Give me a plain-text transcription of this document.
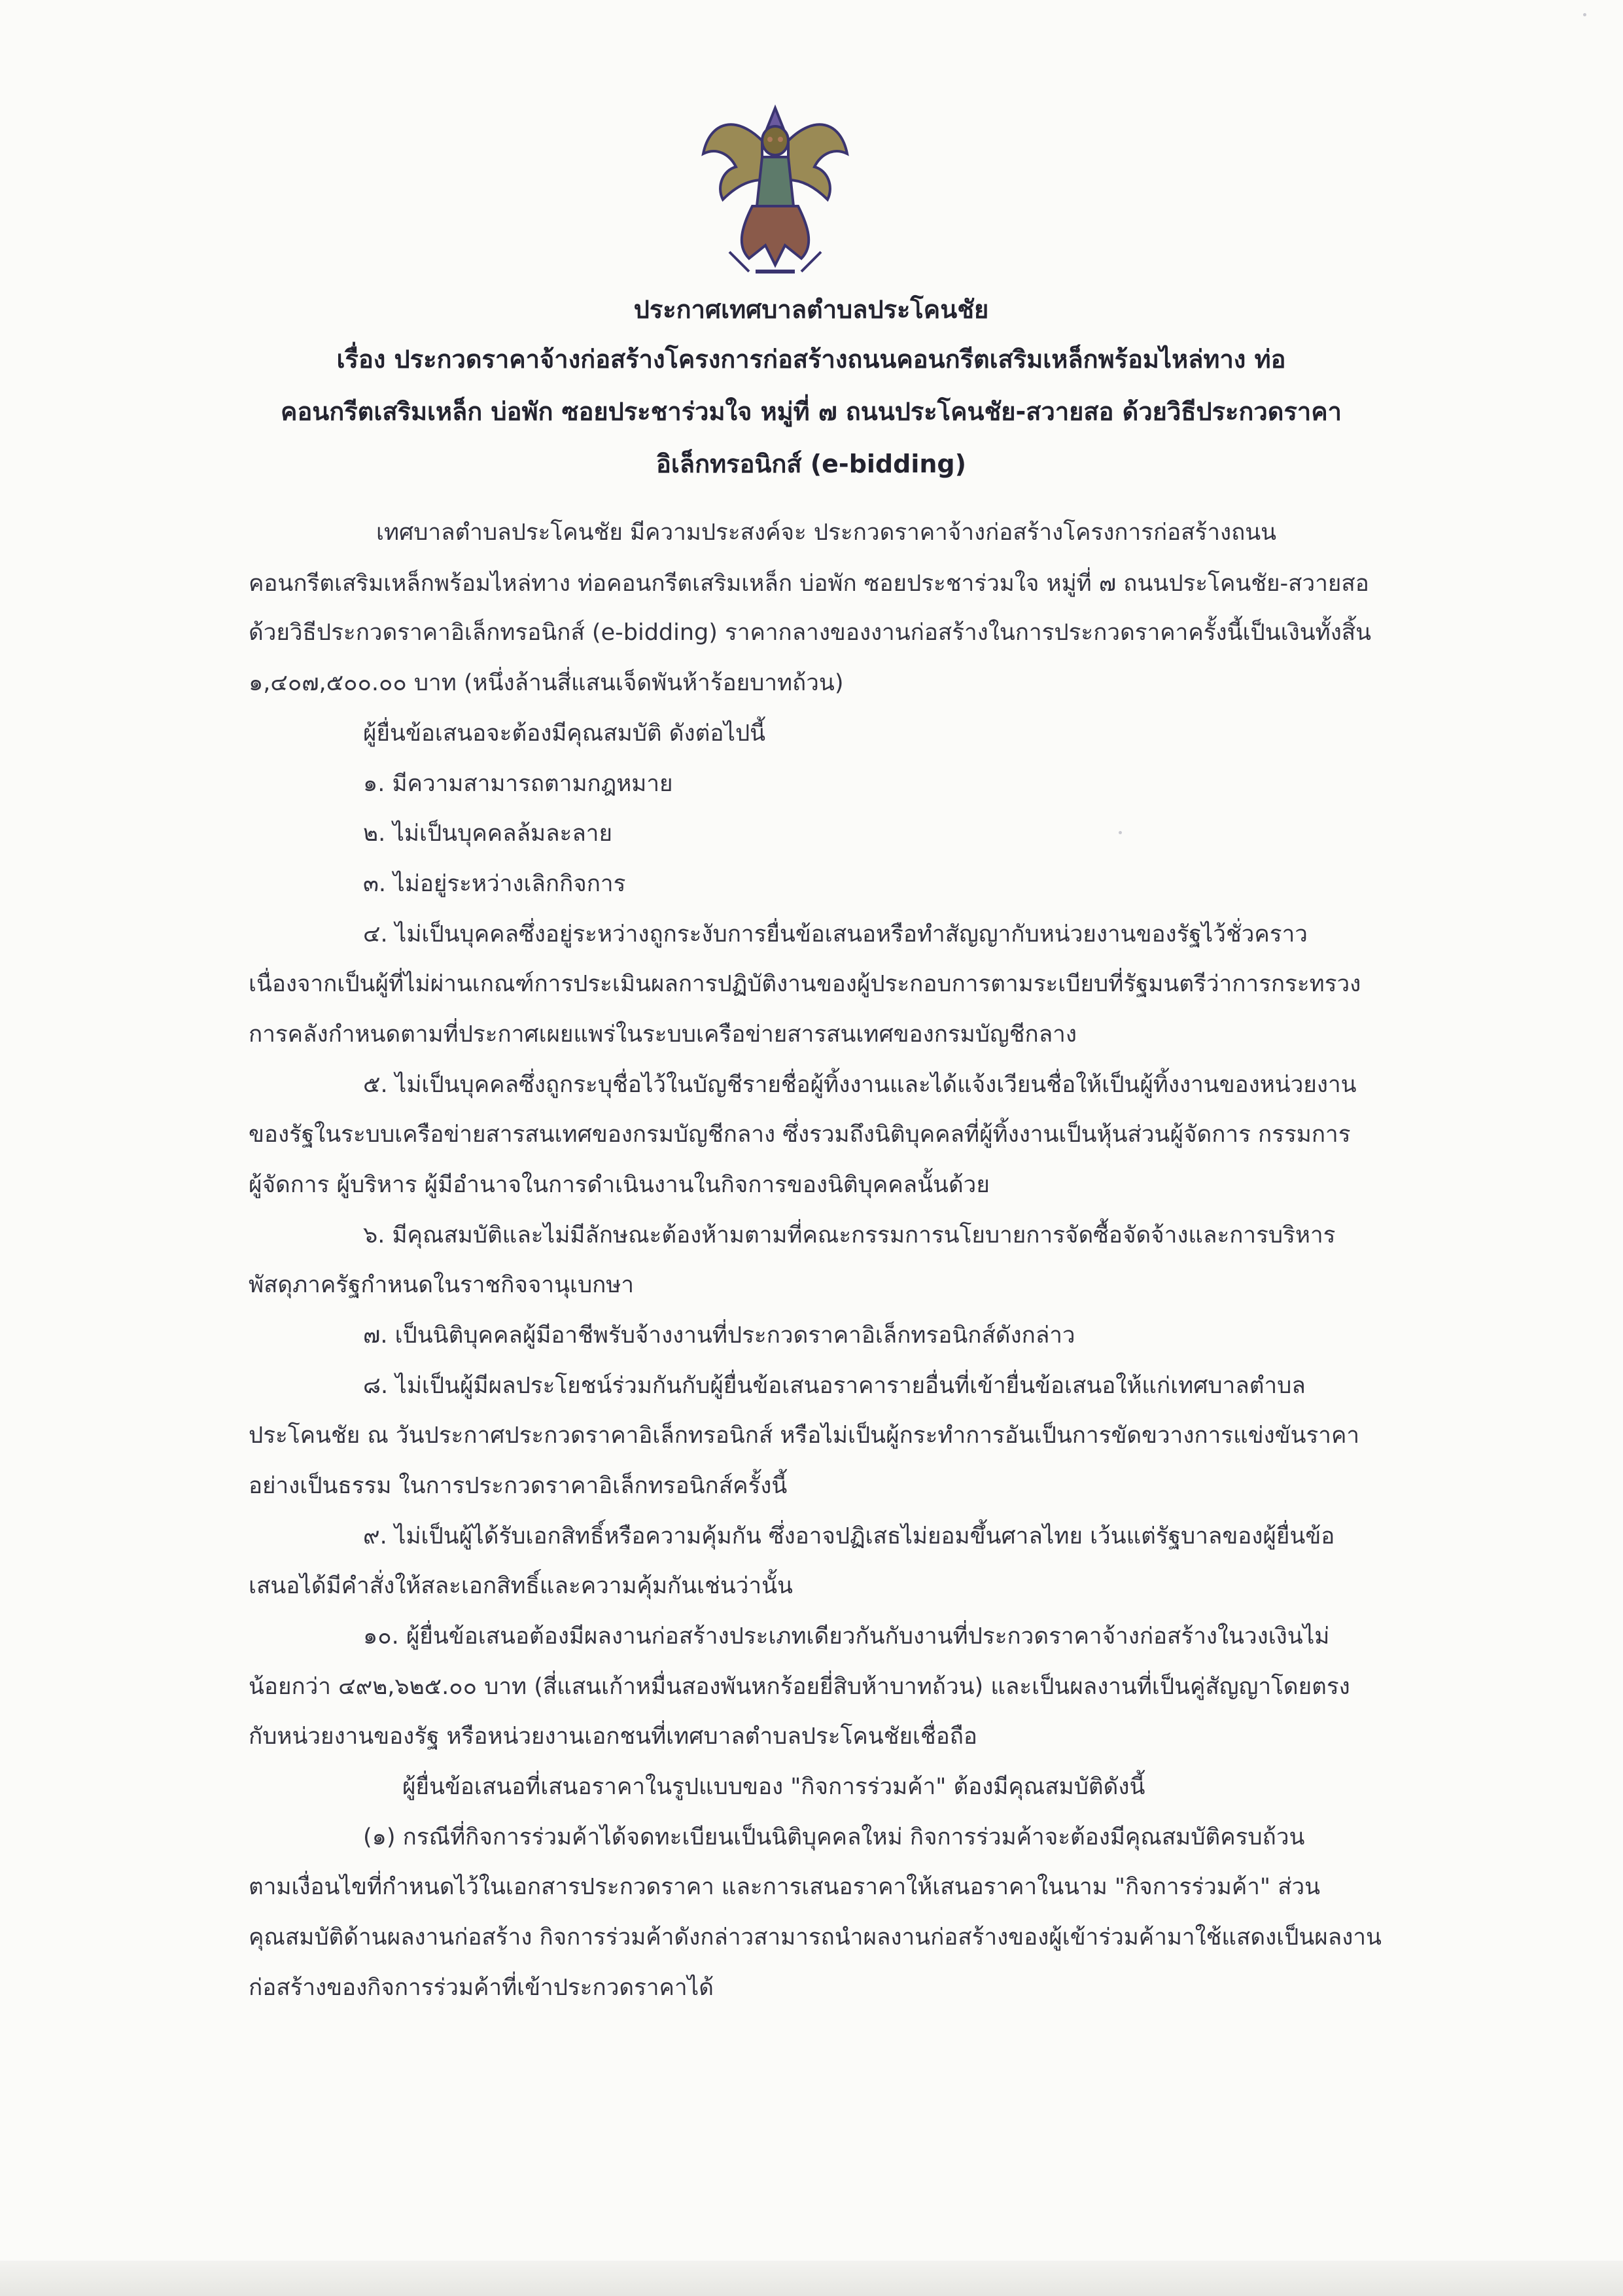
ประกาศเทศบาลตำบลประโคนชัย
เรื่อง ประกวดราคาจ้างก่อสร้างโครงการก่อสร้างถนนคอนกรีตเสริมเหล็กพร้อมไหล่ทาง ท่อ
คอนกรีตเสริมเหล็ก บ่อพัก ซอยประชาร่วมใจ หมู่ที่ ๗ ถนนประโคนชัย-สวายสอ ด้วยวิธีประกวดราคา
อิเล็กทรอนิกส์ (e-bidding)
เทศบาลตำบลประโคนชัย มีความประสงค์จะ ประกวดราคาจ้างก่อสร้างโครงการก่อสร้างถนน
คอนกรีตเสริมเหล็กพร้อมไหล่ทาง ท่อคอนกรีตเสริมเหล็ก บ่อพัก ซอยประชาร่วมใจ หมู่ที่ ๗ ถนนประโคนชัย-สวายสอ
ด้วยวิธีประกวดราคาอิเล็กทรอนิกส์ (e-bidding) ราคากลางของงานก่อสร้างในการประกวดราคาครั้งนี้เป็นเงินทั้งสิ้น
๑,๔๐๗,๕๐๐.๐๐ บาท (หนึ่งล้านสี่แสนเจ็ดพันห้าร้อยบาทถ้วน)
ผู้ยื่นข้อเสนอจะต้องมีคุณสมบัติ ดังต่อไปนี้
๑. มีความสามารถตามกฎหมาย
๒. ไม่เป็นบุคคลล้มละลาย
๓. ไม่อยู่ระหว่างเลิกกิจการ
๔. ไม่เป็นบุคคลซึ่งอยู่ระหว่างถูกระงับการยื่นข้อเสนอหรือทำสัญญากับหน่วยงานของรัฐไว้ชั่วคราว
เนื่องจากเป็นผู้ที่ไม่ผ่านเกณฑ์การประเมินผลการปฏิบัติงานของผู้ประกอบการตามระเบียบที่รัฐมนตรีว่าการกระทรวง
การคลังกำหนดตามที่ประกาศเผยแพร่ในระบบเครือข่ายสารสนเทศของกรมบัญชีกลาง
๕. ไม่เป็นบุคคลซึ่งถูกระบุชื่อไว้ในบัญชีรายชื่อผู้ทิ้งงานและได้แจ้งเวียนชื่อให้เป็นผู้ทิ้งงานของหน่วยงาน
ของรัฐในระบบเครือข่ายสารสนเทศของกรมบัญชีกลาง ซึ่งรวมถึงนิติบุคคลที่ผู้ทิ้งงานเป็นหุ้นส่วนผู้จัดการ กรรมการ
ผู้จัดการ ผู้บริหาร ผู้มีอำนาจในการดำเนินงานในกิจการของนิติบุคคลนั้นด้วย
๖. มีคุณสมบัติและไม่มีลักษณะต้องห้ามตามที่คณะกรรมการนโยบายการจัดซื้อจัดจ้างและการบริหาร
พัสดุภาครัฐกำหนดในราชกิจจานุเบกษา
๗. เป็นนิติบุคคลผู้มีอาชีพรับจ้างงานที่ประกวดราคาอิเล็กทรอนิกส์ดังกล่าว
๘. ไม่เป็นผู้มีผลประโยชน์ร่วมกันกับผู้ยื่นข้อเสนอราคารายอื่นที่เข้ายื่นข้อเสนอให้แก่เทศบาลตำบล
ประโคนชัย ณ วันประกาศประกวดราคาอิเล็กทรอนิกส์ หรือไม่เป็นผู้กระทำการอันเป็นการขัดขวางการแข่งขันราคา
อย่างเป็นธรรม ในการประกวดราคาอิเล็กทรอนิกส์ครั้งนี้
๙. ไม่เป็นผู้ได้รับเอกสิทธิ์หรือความคุ้มกัน ซึ่งอาจปฏิเสธไม่ยอมขึ้นศาลไทย เว้นแต่รัฐบาลของผู้ยื่นข้อ
เสนอได้มีคำสั่งให้สละเอกสิทธิ์และความคุ้มกันเช่นว่านั้น
๑๐. ผู้ยื่นข้อเสนอต้องมีผลงานก่อสร้างประเภทเดียวกันกับงานที่ประกวดราคาจ้างก่อสร้างในวงเงินไม่
น้อยกว่า ๔๙๒,๖๒๕.๐๐ บาท (สี่แสนเก้าหมื่นสองพันหกร้อยยี่สิบห้าบาทถ้วน) และเป็นผลงานที่เป็นคู่สัญญาโดยตรง
กับหน่วยงานของรัฐ หรือหน่วยงานเอกชนที่เทศบาลตำบลประโคนชัยเชื่อถือ
ผู้ยื่นข้อเสนอที่เสนอราคาในรูปแบบของ "กิจการร่วมค้า" ต้องมีคุณสมบัติดังนี้
(๑) กรณีที่กิจการร่วมค้าได้จดทะเบียนเป็นนิติบุคคลใหม่ กิจการร่วมค้าจะต้องมีคุณสมบัติครบถ้วน
ตามเงื่อนไขที่กำหนดไว้ในเอกสารประกวดราคา และการเสนอราคาให้เสนอราคาในนาม "กิจการร่วมค้า" ส่วน
คุณสมบัติด้านผลงานก่อสร้าง กิจการร่วมค้าดังกล่าวสามารถนำผลงานก่อสร้างของผู้เข้าร่วมค้ามาใช้แสดงเป็นผลงาน
ก่อสร้างของกิจการร่วมค้าที่เข้าประกวดราคาได้
